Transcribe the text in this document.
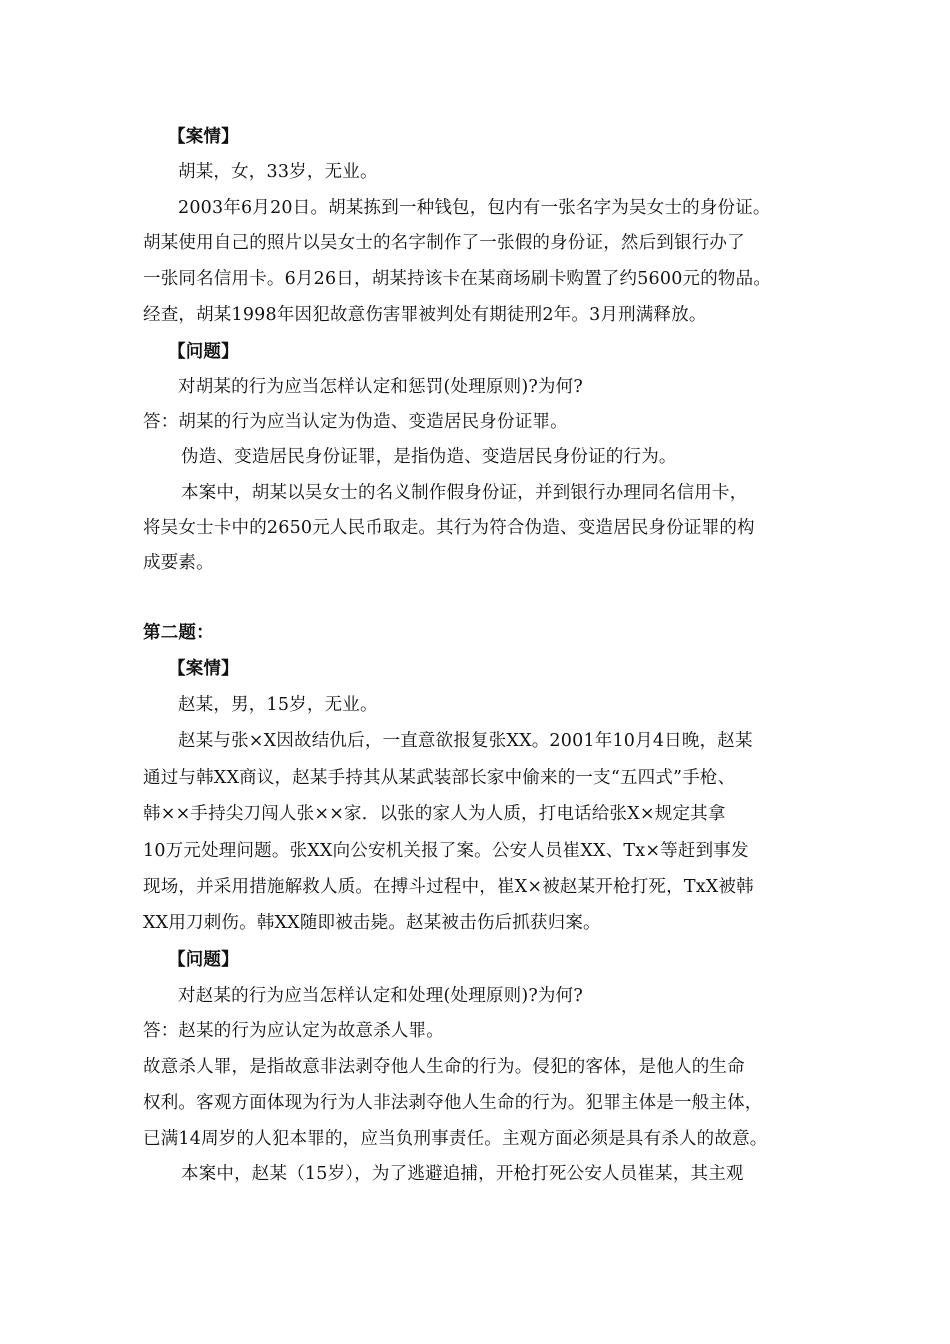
【案情】
胡某，女，33岁，无业。
2003年6月20日。胡某拣到一种钱包，包内有一张名字为吴女士的身份证。
胡某使用自己的照片以吴女士的名字制作了一张假的身份证，然后到银行办了
一张同名信用卡。6月26日，胡某持该卡在某商场刷卡购置了约5600元的物品。
经查，胡某1998年因犯故意伤害罪被判处有期徒刑2年。3月刑满释放。
【问题】
对胡某的行为应当怎样认定和惩罚(处理原则)?为何?
答：胡某的行为应当认定为伪造、变造居民身份证罪。
伪造、变造居民身份证罪，是指伪造、变造居民身份证的行为。
本案中，胡某以吴女士的名义制作假身份证，并到银行办理同名信用卡，
将吴女士卡中的2650元人民币取走。其行为符合伪造、变造居民身份证罪的构
成要素。
第二题：
【案情】
赵某，男，15岁，无业。
赵某与张×X因故结仇后，一直意欲报复张XX。2001年10月4日晚，赵某
通过与韩XX商议，赵某手持其从某武装部长家中偷来的一支“五四式”手枪、
韩××手持尖刀闯人张××家．以张的家人为人质，打电话给张X×规定其拿
10万元处理问题。张XX向公安机关报了案。公安人员崔XX、Tx×等赶到事发
现场，并采用措施解救人质。在搏斗过程中，崔X×被赵某开枪打死，TxX被韩
XX用刀刺伤。韩XX随即被击毙。赵某被击伤后抓获归案。
【问题】
对赵某的行为应当怎样认定和处理(处理原则)?为何?
答：赵某的行为应认定为故意杀人罪。
故意杀人罪，是指故意非法剥夺他人生命的行为。侵犯的客体，是他人的生命
权利。客观方面体现为行为人非法剥夺他人生命的行为。犯罪主体是一般主体，
已满14周岁的人犯本罪的，应当负刑事责任。主观方面必须是具有杀人的故意。
本案中，赵某（15岁），为了逃避追捕，开枪打死公安人员崔某，其主观
